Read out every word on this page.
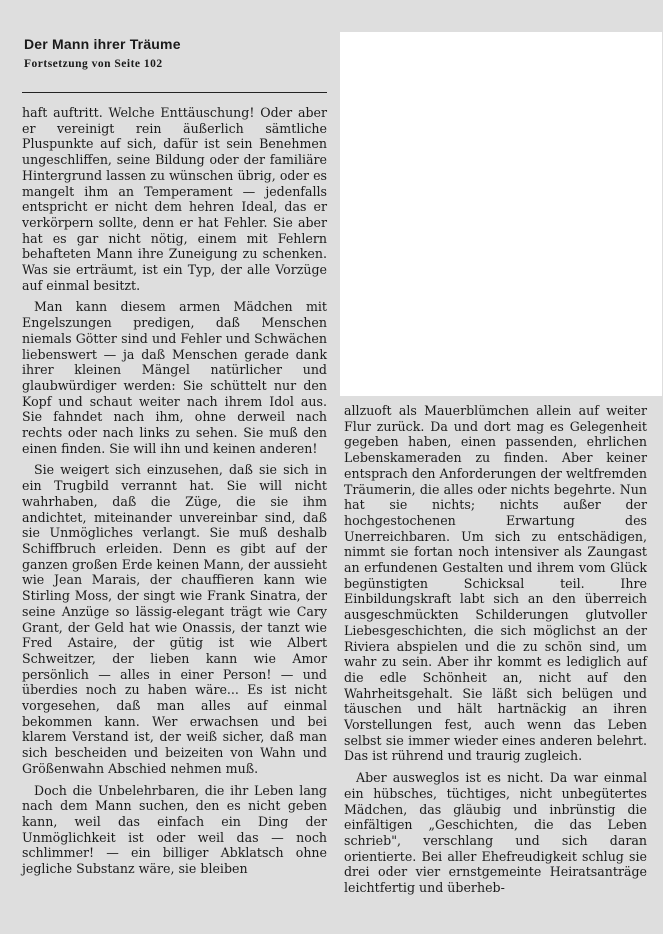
Der Mann ihrer Träume
Fortsetzung von Seite 102

haft auftritt. Welche Enttäuschung! Oder aber er vereinigt rein äußerlich sämtliche Pluspunkte auf sich, dafür ist sein Benehmen ungeschliffen, seine Bildung oder der familiäre Hintergrund lassen zu wünschen übrig, oder es mangelt ihm an Temperament — jedenfalls entspricht er nicht dem hehren Ideal, das er verkörpern sollte, denn er hat Fehler. Sie aber hat es gar nicht nötig, einem mit Fehlern behafteten Mann ihre Zuneigung zu schenken. Was sie erträumt, ist ein Typ, der alle Vorzüge auf einmal besitzt.

Man kann diesem armen Mädchen mit Engelszungen predigen, daß Menschen niemals Götter sind und Fehler und Schwächen liebenswert — ja daß Menschen gerade dank ihrer kleinen Mängel natürlicher und glaubwürdiger werden: Sie schüttelt nur den Kopf und schaut weiter nach ihrem Idol aus. Sie fahndet nach ihm, ohne derweil nach rechts oder nach links zu sehen. Sie muß den einen finden. Sie will ihn und keinen anderen!

Sie weigert sich einzusehen, daß sie sich in ein Trugbild verrannt hat. Sie will nicht wahrhaben, daß die Züge, die sie ihm andichtet, miteinander unvereinbar sind, daß sie Unmögliches verlangt. Sie muß deshalb Schiffbruch erleiden. Denn es gibt auf der ganzen großen Erde keinen Mann, der aussieht wie Jean Marais, der chauffieren kann wie Stirling Moss, der singt wie Frank Sinatra, der seine Anzüge so lässig-elegant trägt wie Cary Grant, der Geld hat wie Onassis, der tanzt wie Fred Astaire, der gütig ist wie Albert Schweitzer, der lieben kann wie Amor persönlich — alles in einer Person! — und überdies noch zu haben wäre... Es ist nicht vorgesehen, daß man alles auf einmal bekommen kann. Wer erwachsen und bei klarem Verstand ist, der weiß sicher, daß man sich bescheiden und beizeiten von Wahn und Größenwahn Abschied nehmen muß.

Doch die Unbelehrbaren, die ihr Leben lang nach dem Mann suchen, den es nicht geben kann, weil das einfach ein Ding der Unmöglichkeit ist oder weil das — noch schlimmer! — ein billiger Abklatsch ohne jegliche Substanz wäre, sie bleiben

allzuoft als Mauerblümchen allein auf weiter Flur zurück. Da und dort mag es Gelegenheit gegeben haben, einen passenden, ehrlichen Lebenskameraden zu finden. Aber keiner entsprach den Anforderungen der weltfremden Träumerin, die alles oder nichts begehrte. Nun hat sie nichts; nichts außer der hochgestochenen Erwartung des Unerreichbaren. Um sich zu entschädigen, nimmt sie fortan noch intensiver als Zaungast an erfundenen Gestalten und ihrem vom Glück begünstigten Schicksal teil. Ihre Einbildungskraft labt sich an den überreich ausgeschmückten Schilderungen glutvoller Liebesgeschichten, die sich möglichst an der Riviera abspielen und die zu schön sind, um wahr zu sein. Aber ihr kommt es lediglich auf die edle Schönheit an, nicht auf den Wahrheitsgehalt. Sie läßt sich belügen und täuschen und hält hartnäckig an ihren Vorstellungen fest, auch wenn das Leben selbst sie immer wieder eines anderen belehrt. Das ist rührend und traurig zugleich.

Aber ausweglos ist es nicht. Da war einmal ein hübsches, tüchtiges, nicht unbegütertes Mädchen, das gläubig und inbrünstig die einfältigen „Geschichten, die das Leben schrieb", verschlang und sich daran orientierte. Bei aller Ehefreudigkeit schlug sie drei oder vier ernstgemeinte Heiratsanträge leichtfertig und überheb-
